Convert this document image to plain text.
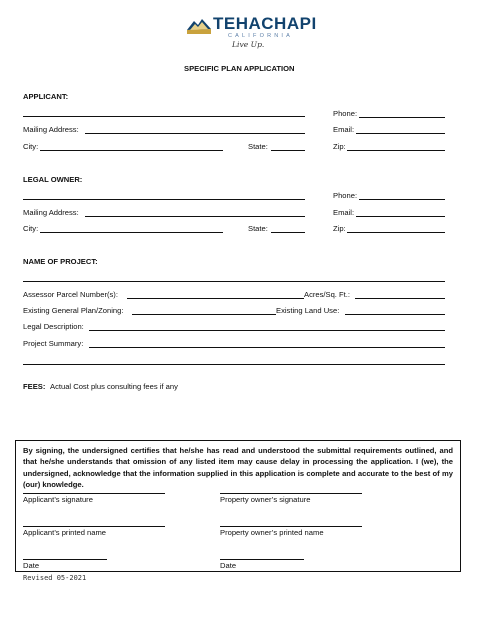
TEHACHAPI
CALIFORNIA
Live Up.
SPECIFIC PLAN APPLICATION
APPLICANT:
Phone:
Mailing Address:	Email:
City:	State:	Zip:
LEGAL OWNER:
Phone:
Mailing Address:	Email:
City:	State:	Zip:
NAME OF PROJECT:
Assessor Parcel Number(s):	Acres/Sq. Ft.:
Existing General Plan/Zoning:	Existing Land Use:
Legal Description:
Project Summary:
FEES: Actual Cost plus consulting fees if any
By signing, the undersigned certifies that he/she has read and understood the submittal requirements outlined, and that he/she understands that omission of any listed item may cause delay in processing the application. I (we), the undersigned, acknowledge that the information supplied in this application is complete and accurate to the best of my (our) knowledge.
Applicant’s signature	Property owner’s signature
Applicant’s printed name	Property owner’s printed name
Date	Date
Revised 05-2021
